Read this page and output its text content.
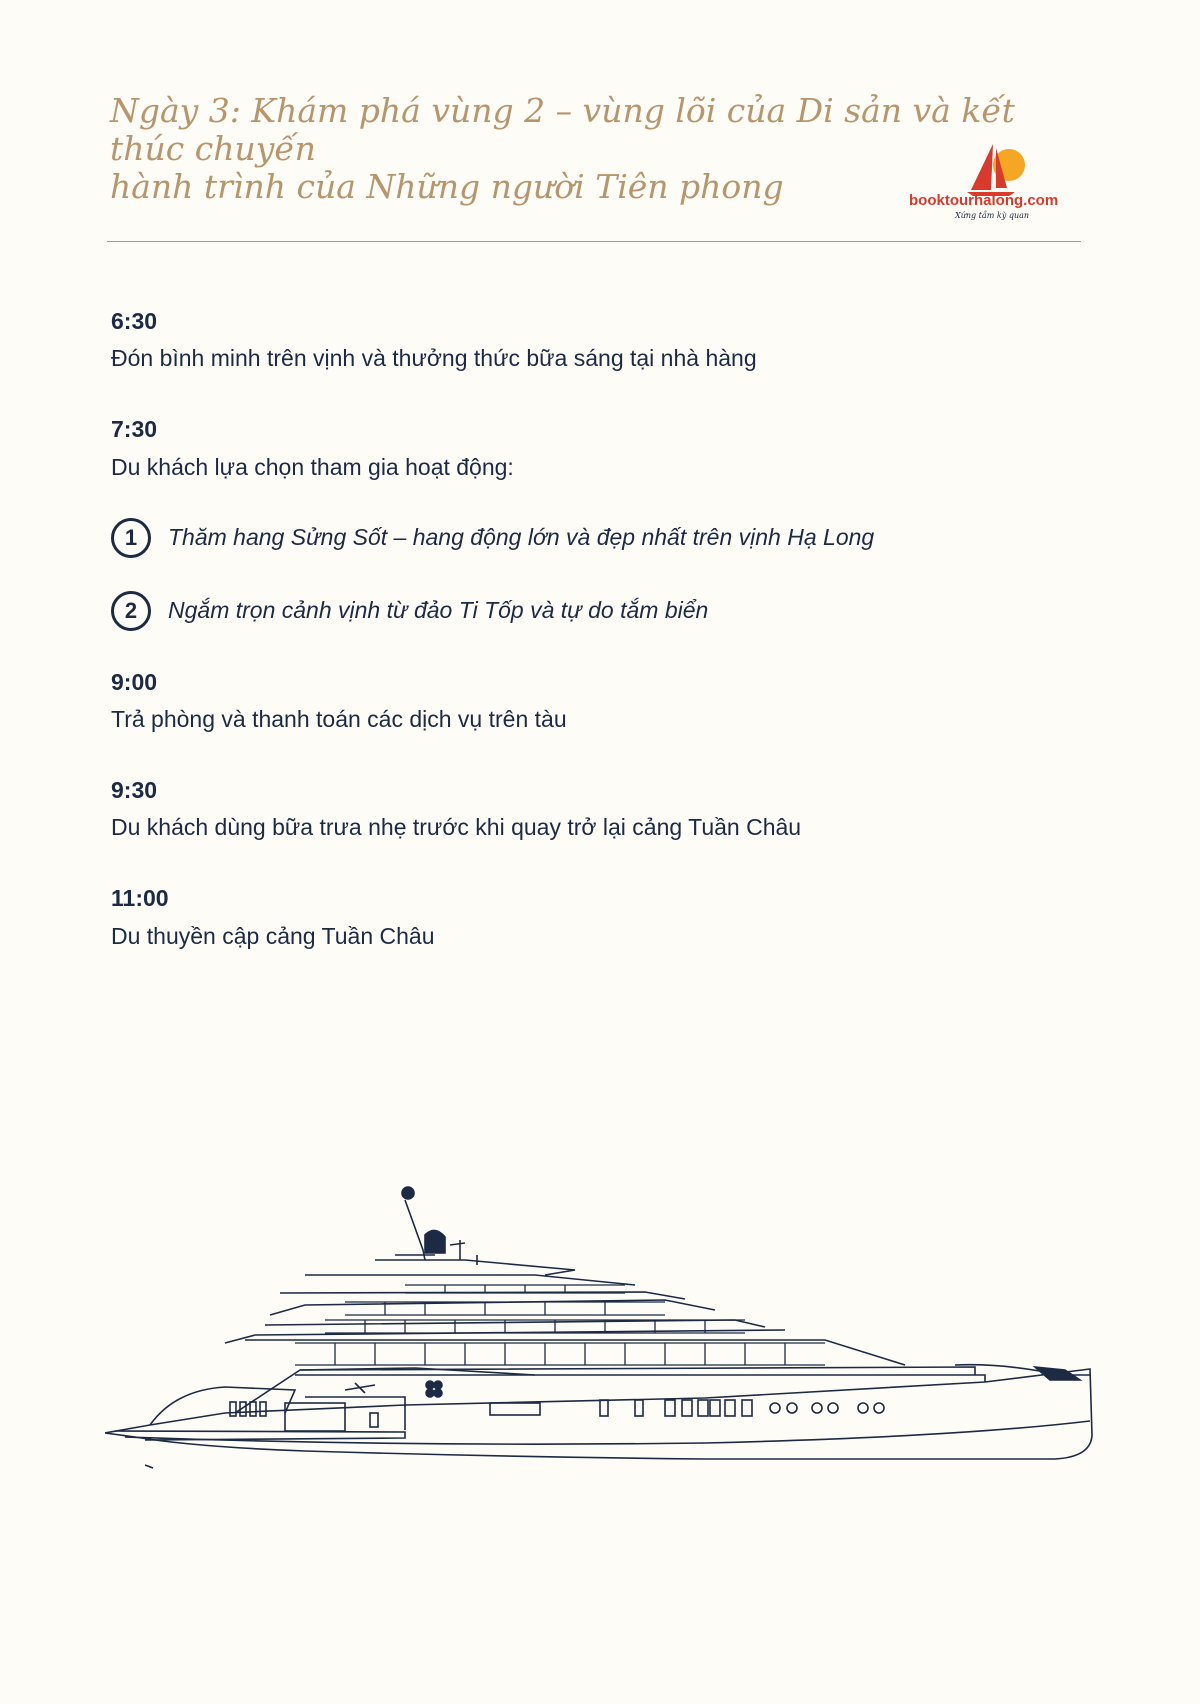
Ngày 3: Khám phá vùng 2 – vùng lõi của Di sản và kết thúc chuyến
hành trình của Những người Tiên phong	booktourhalong.com
Xứng tầm kỳ quan
6:30
Đón bình minh trên vịnh và thưởng thức bữa sáng tại nhà hàng
7:30
Du khách lựa chọn tham gia hoạt động:
1	Thăm hang Sửng Sốt – hang động lớn và đẹp nhất trên vịnh Hạ Long
2	Ngắm trọn cảnh vịnh từ đảo Ti Tốp và tự do tắm biển
9:00
Trả phòng và thanh toán các dịch vụ trên tàu
9:30
Du khách dùng bữa trưa nhẹ trước khi quay trở lại cảng Tuần Châu
11:00
Du thuyền cập cảng Tuần Châu
